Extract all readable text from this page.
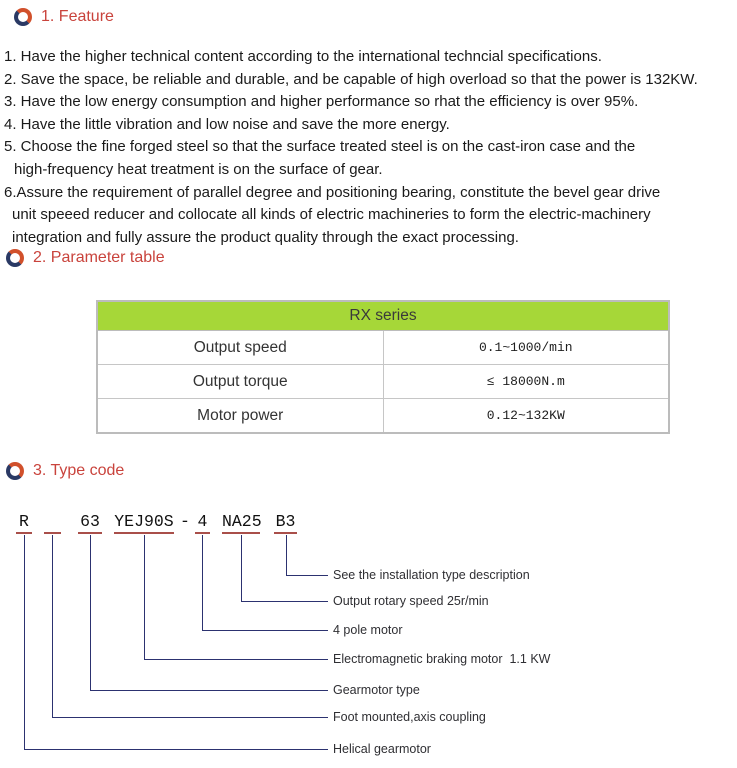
1. Feature
1. Have the higher technical content according to the international techncial specifications.
2. Save the space, be reliable and durable, and be capable of high overload so that the power is 132KW.
3. Have the low energy consumption and higher performance so rhat the efficiency is over 95%.
4. Have the little vibration and low noise and save the more energy.
5. Choose the fine forged steel so that the surface treated steel is on the cast-iron case and the
high-frequency heat treatment is on the surface of gear.
6.Assure the requirement of parallel degree and positioning bearing, constitute the bevel gear drive
unit speeed reducer and collocate all kinds of electric machineries to form the electric-machinery
integration and fully assure the product quality through the exact processing.
2. Parameter table
RX series	
Output speed	0.1~1000/min
Output torque	≤ 18000N.m
Motor power	0.12~132KW
3. Type code
R	63 YEJ90S - 4 NA25 B3
See the installation type description
Output rotary speed 25r/min
4 pole motor
Electromagnetic braking motor  1.1 KW
Gearmotor type
Foot mounted,axis coupling
Helical gearmotor
